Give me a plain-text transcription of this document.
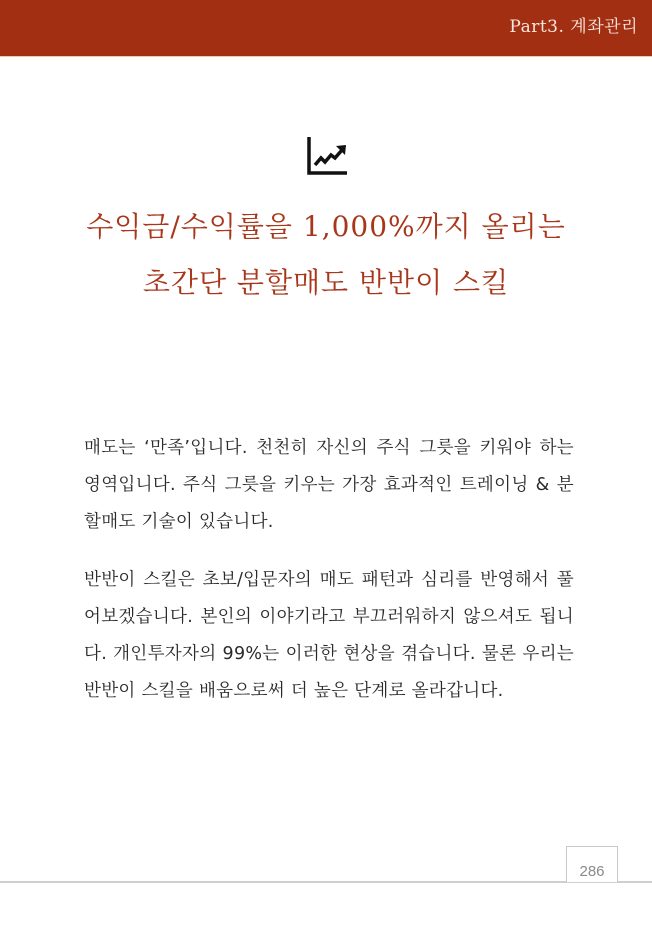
Part3. 계좌관리
수익금/수익률을 1,000%까지 올리는
초간단 분할매도 반반이 스킬
매도는 ‘만족’입니다. 천천히 자신의 주식 그릇을 키워야 하는 영역입니다. 주식 그릇을 키우는 가장 효과적인 트레이닝 & 분할매도 기술이 있습니다.
반반이 스킬은 초보/입문자의 매도 패턴과 심리를 반영해서 풀어보겠습니다. 본인의 이야기라고 부끄러워하지 않으셔도 됩니다. 개인투자자의 99%는 이러한 현상을 겪습니다. 물론 우리는 반반이 스킬을 배움으로써 더 높은 단계로 올라갑니다.
286
